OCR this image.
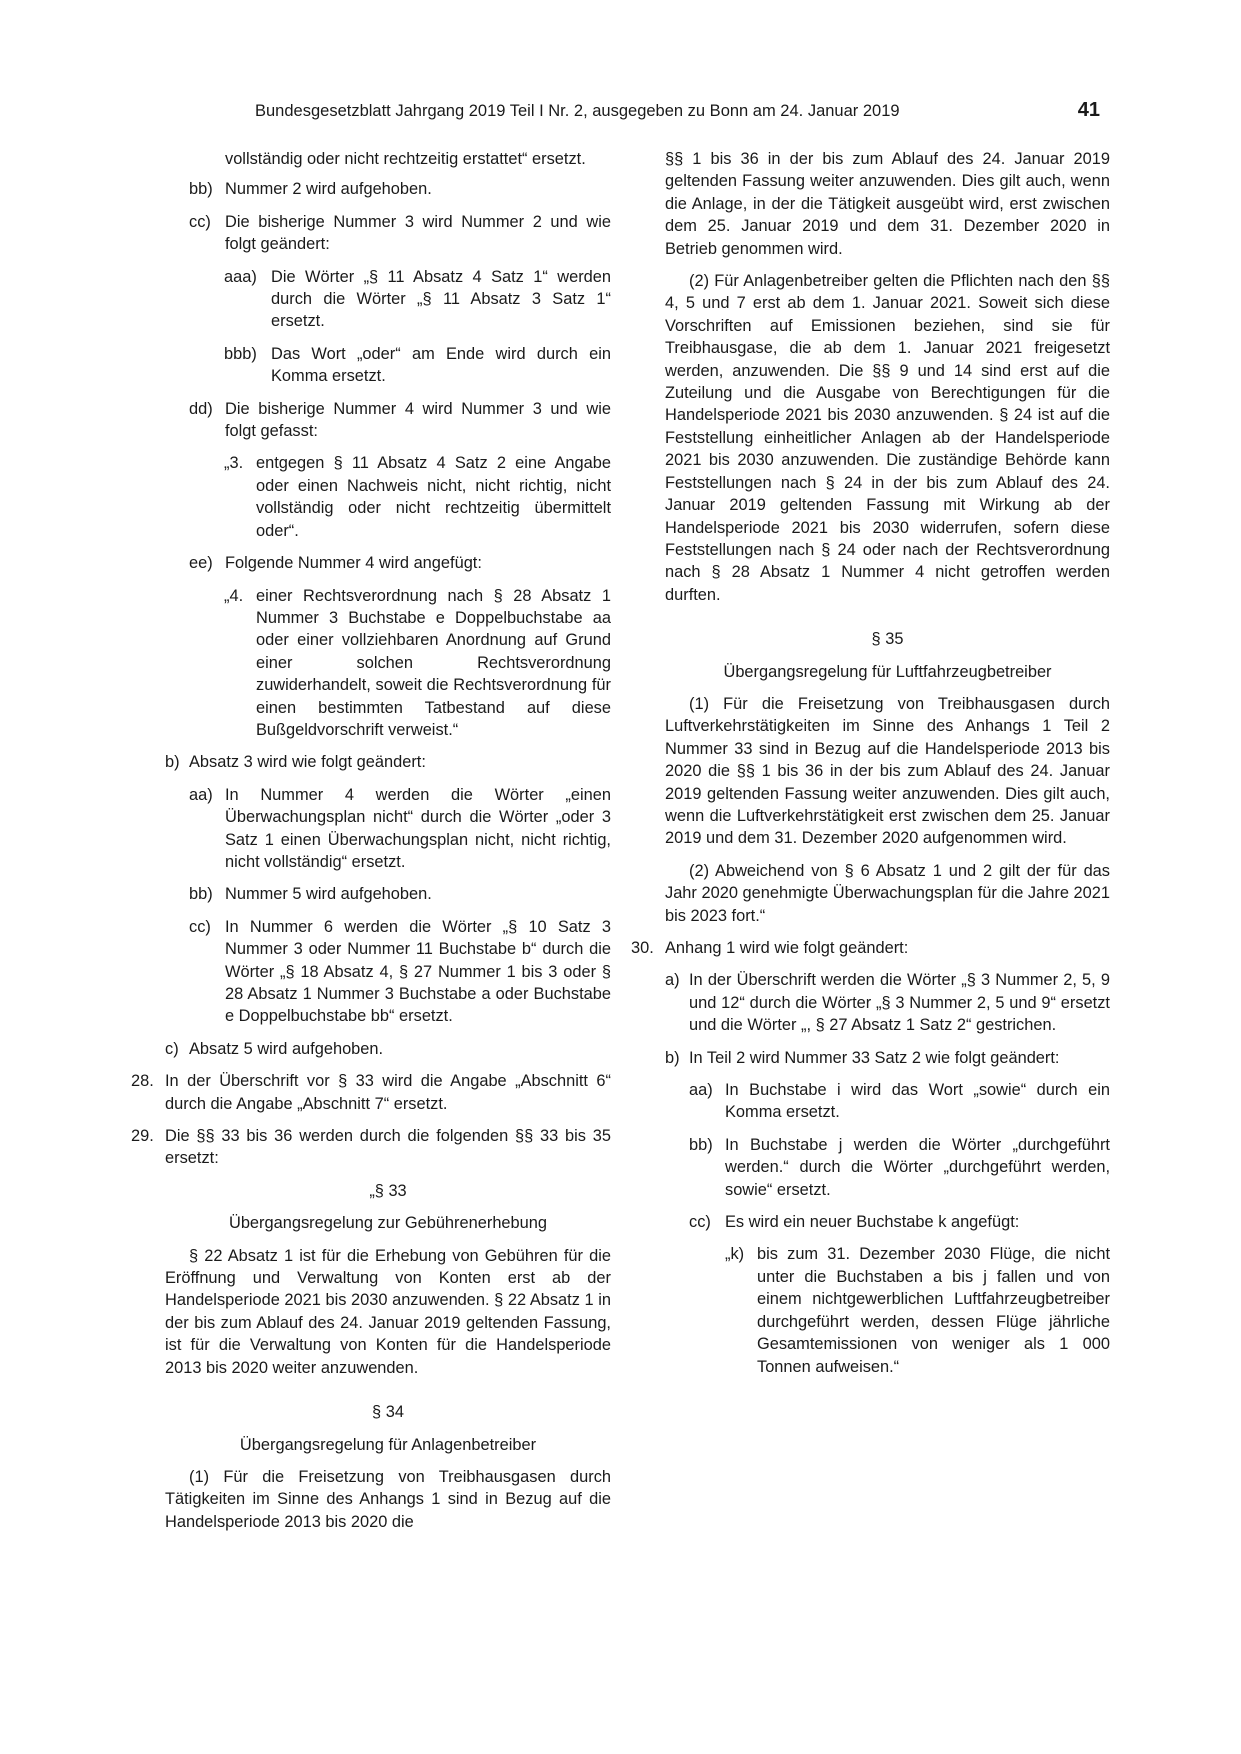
Bundesgesetzblatt Jahrgang 2019 Teil I Nr. 2, ausgegeben zu Bonn am 24. Januar 2019	41
vollständig oder nicht rechtzeitig erstattet“ ersetzt.
bb) Nummer 2 wird aufgehoben.
cc) Die bisherige Nummer 3 wird Nummer 2 und wie folgt geändert:
aaa) Die Wörter „§ 11 Absatz 4 Satz 1“ werden durch die Wörter „§ 11 Absatz 3 Satz 1“ ersetzt.
bbb) Das Wort „oder“ am Ende wird durch ein Komma ersetzt.
dd) Die bisherige Nummer 4 wird Nummer 3 und wie folgt gefasst:
„3. entgegen § 11 Absatz 4 Satz 2 eine Angabe oder einen Nachweis nicht, nicht richtig, nicht vollständig oder nicht rechtzeitig übermittelt oder“.
ee) Folgende Nummer 4 wird angefügt:
„4. einer Rechtsverordnung nach § 28 Absatz 1 Nummer 3 Buchstabe e Doppelbuchstabe aa oder einer vollziehbaren Anordnung auf Grund einer solchen Rechtsverordnung zuwiderhandelt, soweit die Rechtsverordnung für einen bestimmten Tatbestand auf diese Bußgeldvorschrift verweist.“
b) Absatz 3 wird wie folgt geändert:
aa) In Nummer 4 werden die Wörter „einen Überwachungsplan nicht“ durch die Wörter „oder 3 Satz 1 einen Überwachungsplan nicht, nicht richtig, nicht vollständig“ ersetzt.
bb) Nummer 5 wird aufgehoben.
cc) In Nummer 6 werden die Wörter „§ 10 Satz 3 Nummer 3 oder Nummer 11 Buchstabe b“ durch die Wörter „§ 18 Absatz 4, § 27 Nummer 1 bis 3 oder § 28 Absatz 1 Nummer 3 Buchstabe a oder Buchstabe e Doppelbuchstabe bb“ ersetzt.
c) Absatz 5 wird aufgehoben.
28. In der Überschrift vor § 33 wird die Angabe „Abschnitt 6“ durch die Angabe „Abschnitt 7“ ersetzt.
29. Die §§ 33 bis 36 werden durch die folgenden §§ 33 bis 35 ersetzt:
„§ 33
Übergangsregelung zur Gebührenerhebung
§ 22 Absatz 1 ist für die Erhebung von Gebühren für die Eröffnung und Verwaltung von Konten erst ab der Handelsperiode 2021 bis 2030 anzuwenden. § 22 Absatz 1 in der bis zum Ablauf des 24. Januar 2019 geltenden Fassung, ist für die Verwaltung von Konten für die Handelsperiode 2013 bis 2020 weiter anzuwenden.
§ 34
Übergangsregelung für Anlagenbetreiber
(1) Für die Freisetzung von Treibhausgasen durch Tätigkeiten im Sinne des Anhangs 1 sind in Bezug auf die Handelsperiode 2013 bis 2020 die
§§ 1 bis 36 in der bis zum Ablauf des 24. Januar 2019 geltenden Fassung weiter anzuwenden. Dies gilt auch, wenn die Anlage, in der die Tätigkeit ausgeübt wird, erst zwischen dem 25. Januar 2019 und dem 31. Dezember 2020 in Betrieb genommen wird.
(2) Für Anlagenbetreiber gelten die Pflichten nach den §§ 4, 5 und 7 erst ab dem 1. Januar 2021. Soweit sich diese Vorschriften auf Emissionen beziehen, sind sie für Treibhausgase, die ab dem 1. Januar 2021 freigesetzt werden, anzuwenden. Die §§ 9 und 14 sind erst auf die Zuteilung und die Ausgabe von Berechtigungen für die Handelsperiode 2021 bis 2030 anzuwenden. § 24 ist auf die Feststellung einheitlicher Anlagen ab der Handelsperiode 2021 bis 2030 anzuwenden. Die zuständige Behörde kann Feststellungen nach § 24 in der bis zum Ablauf des 24. Januar 2019 geltenden Fassung mit Wirkung ab der Handelsperiode 2021 bis 2030 widerrufen, sofern diese Feststellungen nach § 24 oder nach der Rechtsverordnung nach § 28 Absatz 1 Nummer 4 nicht getroffen werden durften.
§ 35
Übergangsregelung für Luftfahrzeugbetreiber
(1) Für die Freisetzung von Treibhausgasen durch Luftverkehrstätigkeiten im Sinne des Anhangs 1 Teil 2 Nummer 33 sind in Bezug auf die Handelsperiode 2013 bis 2020 die §§ 1 bis 36 in der bis zum Ablauf des 24. Januar 2019 geltenden Fassung weiter anzuwenden. Dies gilt auch, wenn die Luftverkehrstätigkeit erst zwischen dem 25. Januar 2019 und dem 31. Dezember 2020 aufgenommen wird.
(2) Abweichend von § 6 Absatz 1 und 2 gilt der für das Jahr 2020 genehmigte Überwachungsplan für die Jahre 2021 bis 2023 fort.“
30. Anhang 1 wird wie folgt geändert:
a) In der Überschrift werden die Wörter „§ 3 Nummer 2, 5, 9 und 12“ durch die Wörter „§ 3 Nummer 2, 5 und 9“ ersetzt und die Wörter „, § 27 Absatz 1 Satz 2“ gestrichen.
b) In Teil 2 wird Nummer 33 Satz 2 wie folgt geändert:
aa) In Buchstabe i wird das Wort „sowie“ durch ein Komma ersetzt.
bb) In Buchstabe j werden die Wörter „durchgeführt werden.“ durch die Wörter „durchgeführt werden, sowie“ ersetzt.
cc) Es wird ein neuer Buchstabe k angefügt:
„k) bis zum 31. Dezember 2030 Flüge, die nicht unter die Buchstaben a bis j fallen und von einem nichtgewerblichen Luftfahrzeugbetreiber durchgeführt werden, dessen Flüge jährliche Gesamtemissionen von weniger als 1 000 Tonnen aufweisen.“
